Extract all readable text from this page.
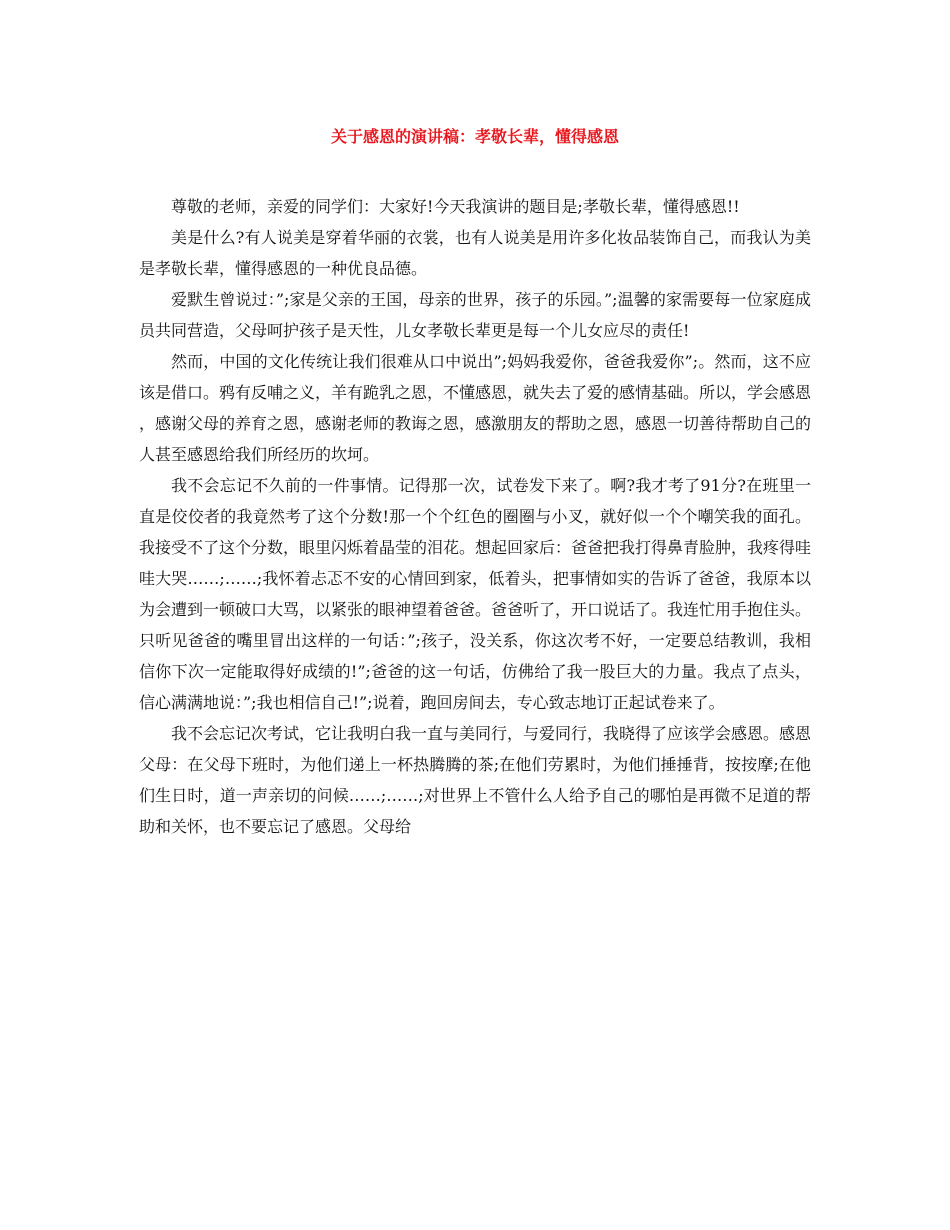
关于感恩的演讲稿：孝敬长辈，懂得感恩

尊敬的老师，亲爱的同学们：大家好!今天我演讲的题目是;孝敬长辈，懂得感恩!!

美是什么?有人说美是穿着华丽的衣裳，也有人说美是用许多化妆品装饰自己，而我认为美是孝敬长辈，懂得感恩的一种优良品德。

爱默生曾说过：”;家是父亲的王国，母亲的世界，孩子的乐园。”;温馨的家需要每一位家庭成员共同营造，父母呵护孩子是天性，儿女孝敬长辈更是每一个儿女应尽的责任!

然而，中国的文化传统让我们很难从口中说出”;妈妈我爱你，爸爸我爱你”;。然而，这不应该是借口。鸦有反哺之义，羊有跪乳之恩，不懂感恩，就失去了爱的感情基础。所以，学会感恩，感谢父母的养育之恩，感谢老师的教诲之恩，感激朋友的帮助之恩，感恩一切善待帮助自己的人甚至感恩给我们所经历的坎坷。

我不会忘记不久前的一件事情。记得那一次，试卷发下来了。啊?我才考了91分?在班里一直是佼佼者的我竟然考了这个分数!那一个个红色的圈圈与小叉，就好似一个个嘲笑我的面孔。我接受不了这个分数，眼里闪烁着晶莹的泪花。想起回家后：爸爸把我打得鼻青脸肿，我疼得哇哇大哭……;……;我怀着忐忑不安的心情回到家，低着头，把事情如实的告诉了爸爸，我原本以为会遭到一顿破口大骂，以紧张的眼神望着爸爸。爸爸听了，开口说话了。我连忙用手抱住头。只听见爸爸的嘴里冒出这样的一句话：”;孩子，没关系，你这次考不好，一定要总结教训，我相信你下次一定能取得好成绩的!”;爸爸的这一句话，仿佛给了我一股巨大的力量。我点了点头，信心满满地说：”;我也相信自己!”;说着，跑回房间去，专心致志地订正起试卷来了。

我不会忘记次考试，它让我明白我一直与美同行，与爱同行，我晓得了应该学会感恩。感恩父母：在父母下班时，为他们递上一杯热腾腾的茶;在他们劳累时，为他们捶捶背，按按摩;在他们生日时，道一声亲切的问候……;……;对世界上不管什么人给予自己的哪怕是再微不足道的帮助和关怀，也不要忘记了感恩。父母给
